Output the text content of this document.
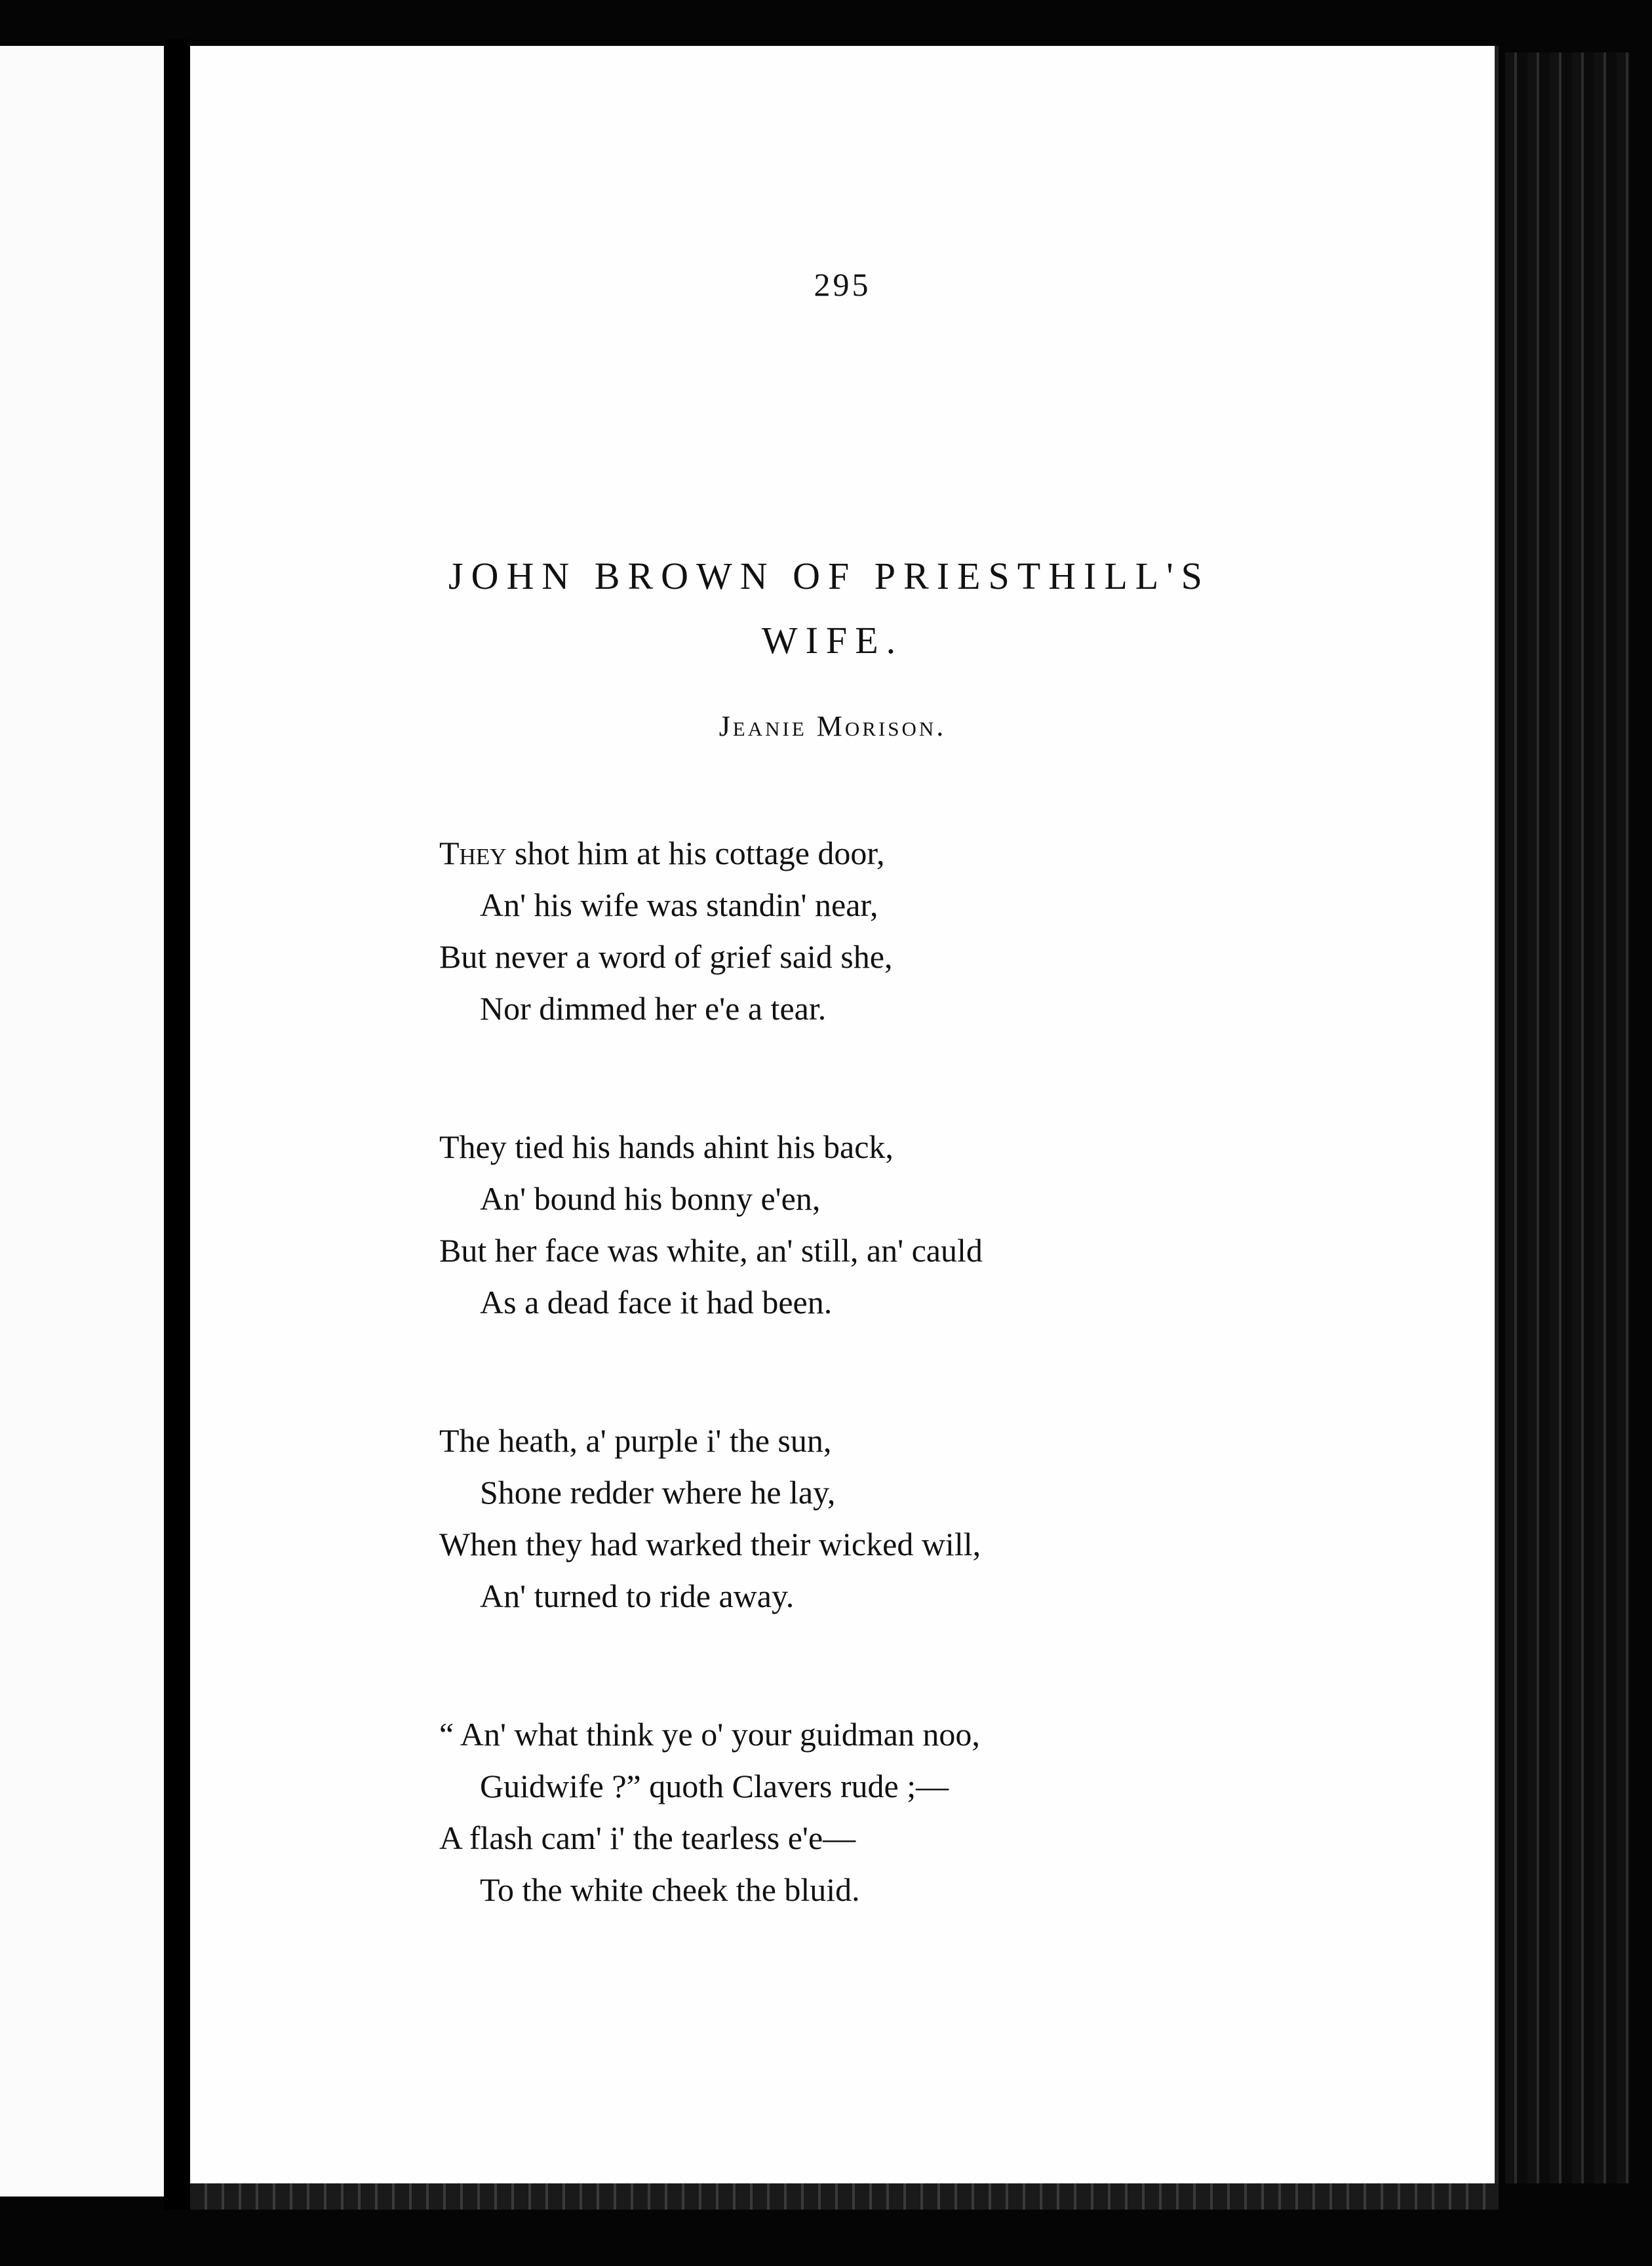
295
JOHN BROWN OF PRIESTHILL'S
WIFE.
Jeanie Morison.
They shot him at his cottage door,
An' his wife was standin' near,
But never a word of grief said she,
Nor dimmed her e'e a tear.
They tied his hands ahint his back,
An' bound his bonny e'en,
But her face was white, an' still, an' cauld
As a dead face it had been.
The heath, a' purple i' the sun,
Shone redder where he lay,
When they had warked their wicked will,
An' turned to ride away.
“ An' what think ye o' your guidman noo,
Guidwife ?” quoth Clavers rude ;—
A flash cam' i' the tearless e'e—
To the white cheek the bluid.
